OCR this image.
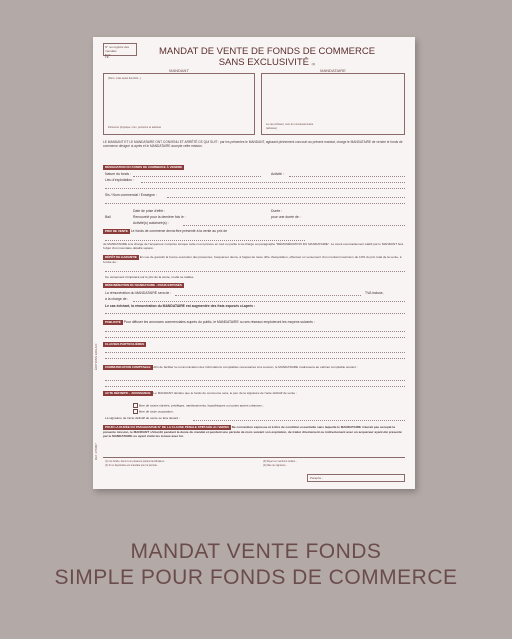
N° au registre des mandats
N°	MANDAT DE VENTE DE FONDS DE COMMERCE
SANS EXCLUSIVITÉ (1)
MANDANT
(Nom, mais aussi domicile...)
Personne physique, nom, prénoms et adresse
MANDATAIRE
Le cas échéant, nom du concessionnaire
(adresse)
LE MANDANT ET LE MANDATAIRE ONT CONVENU ET ARRÊTÉ CE QUI SUIT : par les présentes le MANDANT, agissant pleinement concourt au présent mandat, charge le MANDATAIRE de vendre le fonds de commerce désigné ci-après et le MANDATAIRE accepte cette mission.
DÉSIGNATION DU FONDS DE COMMERCE À VENDRE
Nature du fonds :	Activité :
Lieu d'exploitation :
Sis / Nom commercial / Enseigne :
Bail
Date de prise d'effet :	Durée :
Renouvelé pour la dernière fois le :	pour une durée de :
Activité(s) autorisée(s) :
PRIX DE VENTE Le fonds de commerce devra être présenté à la vente au prix de
de MANDATAIRE à la charge de l'acquéreur comprise lorsque celle-ci est prévue en tout ou partie à sa charge au paragraphe "RÉMUNÉRATION DU MANDATAIRE". Le stock éventuellement établi par le MANDANT fera l'objet d'un inventaire détaillé séparé.
DÉPÔT DE GARANTIE En vue de garantir la bonne exécution des présentes, l'acquéreur devra, à l'appui de toute offre d'acquisition, effectuer un versement d'un montant maximum de 10% du prix total de la vente, à l'ordre de :
Ce versement s'imputera sur le prix de la vente, si elle se réalise.
RÉMUNÉRATION DU MANDATAIRE - FRAIS EXPOSÉS
La rémunération du MANDATAIRE sera de :	TVA incluse,
à la charge de :
Le cas échéant, la rémunération du MANDATAIRE est augmentée des frais exposés ci-après :
PUBLICITÉ Pour diffuser les annonces commerciales auprès du public, le MANDATAIRE ou ses réseaux emploieront les moyens suivants :
CLAUSES PARTICULIÈRES
COMMUNICATION COMPTABLE Afin de faciliter la communication des informations comptables nécessaires à la cession, le MANDATAIRE s'adressera au cabinet comptable suivant :
ACTE DÉFINITIF - JOUISSANCE Le MANDANT déclare que le fonds de commerce sera, le jour de la signature de l'acte définitif de vente :
libre de toutes sûretés, privilèges, nantissements, hypothèques ou toutes autres créances ;
libre de toute occupation.
La signature de l'acte définitif de vente se fera devant :
POUR LA DURÉE DU PARAGRAPHE N° DE LA CLAUSE PÉNALE STIPULÉE AU VERSO De convention expresse et à titre de condition essentielle sans laquelle le MANDATAIRE n'aurait pas accepté la présente mission, le MANDANT s'interdit pendant la durée du mandat et pendant une période de mois suivant son expiration, de traiter directement ou indirectement avec un acquéreur ayant été présenté par le MANDATAIRE ou ayant visité les locaux avec lui.
(1) Cet Article, dans la ou plusieurs parties bénéficiaires...
(2) Si un dépositaire est mandaté pour la période...
(3) Rayer les mentions inutiles...
(4) Date de signature...
Paraphe :
ÉDITIONS EDILAIX
Réf. 17D007
MANDAT VENTE FONDS
SIMPLE POUR FONDS DE COMMERCE
